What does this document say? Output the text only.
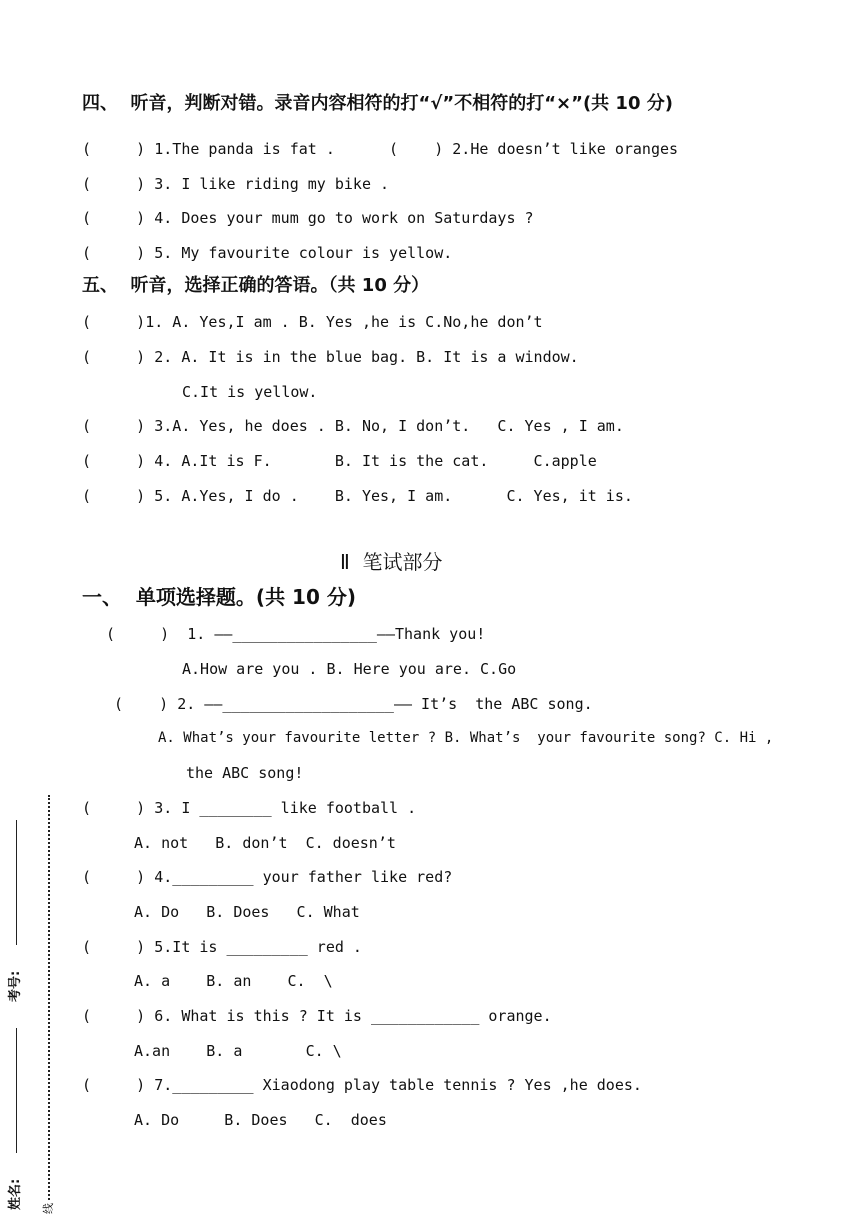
四、  听音，判断对错。录音内容相符的打“√”不相符的打“×”(共 10 分)
(     ) 1.The panda is fat .      (    ) 2.He doesn’t like oranges
(     ) 3. I like riding my bike .
(     ) 4. Does your mum go to work on Saturdays ?
(     ) 5. My favourite colour is yellow.
五、  听音，选择正确的答语。（共 10 分）
(     )1. A. Yes,I am . B. Yes ,he is C.No,he don’t
(     ) 2. A. It is in the blue bag. B. It is a window.
C.It is yellow.
(     ) 3.A. Yes, he does . B. No, I don’t.   C. Yes , I am.
(     ) 4. A.It is F.       B. It is the cat.     C.apple
(     ) 5. A.Yes, I do .    B. Yes, I am.      C. Yes, it is.
Ⅱ  笔试部分
一、  单项选择题。(共 10 分)
(     )  1. ——________________——Thank you!
A.How are you . B. Here you are. C.Go
(    ) 2. ——___________________—— It’s  the ABC song.
A. What’s your favourite letter ? B. What’s  your favourite song? C. Hi ,
the ABC song!
(     ) 3. I ________ like football .
A. not   B. don’t  C. doesn’t
(     ) 4._________ your father like red?
A. Do   B. Does   C. What
(     ) 5.It is _________ red .
A. a    B. an    C.  \
(     ) 6. What is this ? It is ____________ orange.
A.an    B. a       C. \
(     ) 7._________ Xiaodong play table tennis ? Yes ,he does.
A. Do     B. Does   C.  does
考号:
姓名: 线
